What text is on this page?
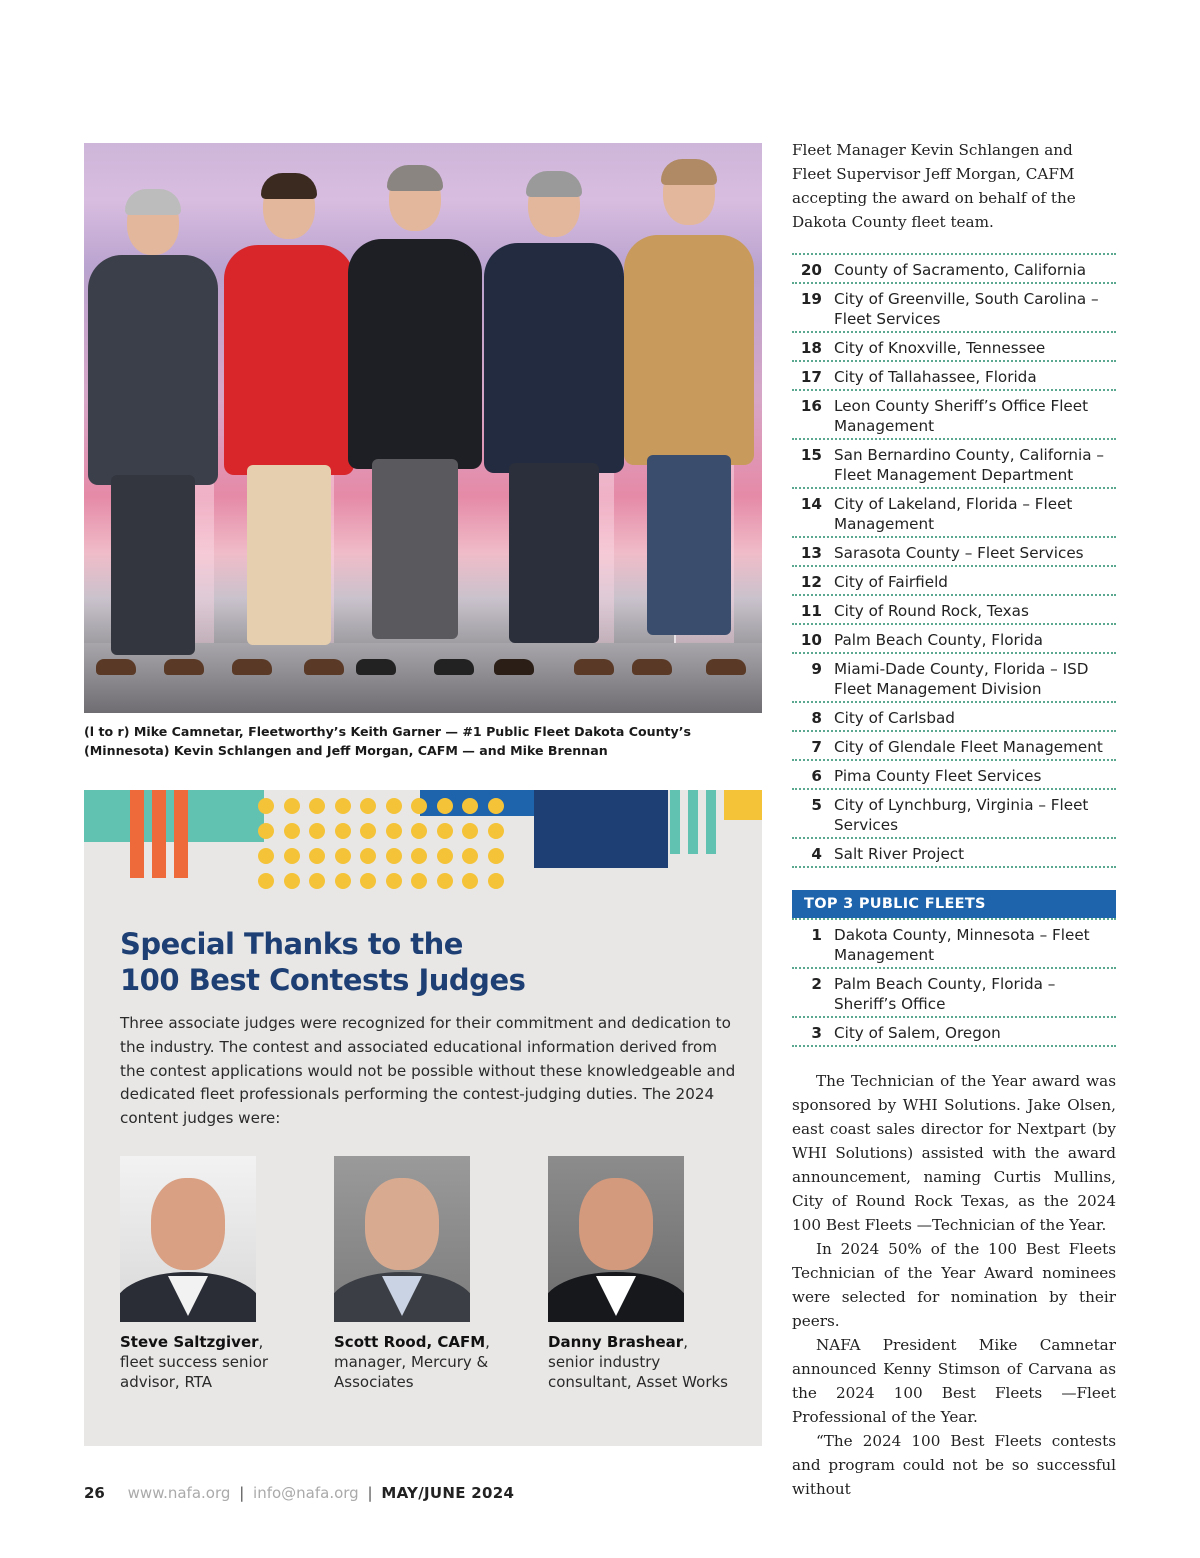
(l to r) Mike Camnetar, Fleetworthy’s Keith Garner — #1 Public Fleet Dakota County’s (Minnesota) Kevin Schlangen and Jeff Morgan, CAFM — and Mike Brennan
Special Thanks to the
100 Best Contests Judges
Three associate judges were recognized for their commitment and dedication to the industry. The contest and associated educational information derived from the contest applications would not be possible without these knowledgeable and dedicated fleet professionals performing the contest-judging duties. The 2024 content judges were:
Steve Saltzgiver,
fleet success senior advisor, RTA
Scott Rood, CAFM,
manager, Mercury & Associates
Danny Brashear,
senior industry consultant, Asset Works
Fleet Manager Kevin Schlangen and Fleet Supervisor Jeff Morgan, CAFM accepting the award on behalf of the Dakota County fleet team.
20 County of Sacramento, California
19 City of Greenville, South Carolina – Fleet Services
18 City of Knoxville, Tennessee
17 City of Tallahassee, Florida
16 Leon County Sheriff’s Office Fleet Management
15 San Bernardino County, California – Fleet Management Department
14 City of Lakeland, Florida – Fleet Management
13 Sarasota County – Fleet Services
12 City of Fairfield
11 City of Round Rock, Texas
10 Palm Beach County, Florida
9 Miami-Dade County, Florida – ISD Fleet Management Division
8 City of Carlsbad
7 City of Glendale Fleet Management
6 Pima County Fleet Services
5 City of Lynchburg, Virginia – Fleet Services
4 Salt River Project
TOP 3 PUBLIC FLEETS
1 Dakota County, Minnesota – Fleet Management
2 Palm Beach County, Florida – Sheriff’s Office
3 City of Salem, Oregon

The Technician of the Year award was sponsored by WHI Solutions. Jake Olsen, east coast sales director for Nextpart (by WHI Solutions) assisted with the award announcement, naming Curtis Mullins, City of Round Rock Texas, as the 2024 100 Best Fleets —Technician of the Year.

In 2024 50% of the 100 Best Fleets Technician of the Year Award nominees were selected for nomination by their peers.

NAFA President Mike Camnetar announced Kenny Stimson of Carvana as the 2024 100 Best Fleets —Fleet Professional of the Year.

“The 2024 100 Best Fleets contests and program could not be so successful without

26 www.nafa.org | info@nafa.org | MAY/JUNE 2024
